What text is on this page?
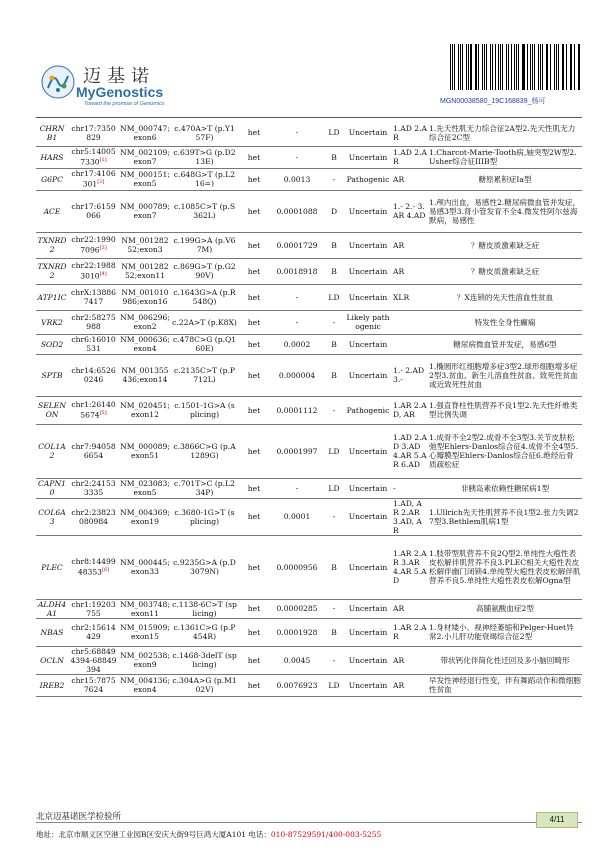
迈基诺
MyGenostics
Toward the promise of Genomics	MGN00038580_19C168839_杨可
CHRNB1	chr17:7350829	NM_000747;exon6	c.470A>T (p.Y157F)	het	-	LD	Uncertain	1.AD 2.AR	1.先天性肌无力综合征2A型2.先天性肌无力综合征2C型
HARS	chr5:140057330[1]	NM_002109;exon7	c.639T>G (p.D213E)	het	-	B	Uncertain	1.AD 2.AR	1.Charcot-Marie-Tooth病,轴突型2W型2.Usher综合征IIIB型
G6PC	chr17:4106301[2]	NM_000151;exon5	c.648G>T (p.L216=)	het	0.0013	-	Pathogenic	AR	糖原累积症Ia型
ACE	chr17:6159066	NM_000789;exon7	c.1085C>T (p.S362L)	het	0.0001088	D	Uncertain	1.- 2.- 3.AR 4.AD	1.颅内出血，易感性2.糖尿病微血管并发症，易感3型3.肾小管发育不全4.微发性阿尔兹海默病，易感性
TXNRD2	chr22:19907096[3]	NM_00128252;exon3	c.199G>A (p.V67M)	het	0.0001729	B	Uncertain	AR	？糖皮质激素缺乏症
TXNRD2	chr22:19883010[4]	NM_00128252;exon11	c.869G>T (p.G290V)	het	0.0018918	B	Uncertain	AR	？糖皮质激素缺乏症
ATP1IC	chrX:138867417	NM_001010986;exon16	c.1643G>A (p.R548Q)	het	-	LD	Uncertain	XLR	？X连锁的先天性溶血性贫血
VRK2	chr2:58275988	NM_006296;exon2	c.22A>T (p.K8X)	het	-	-	Likely pathogenic		特发性全身性癫痫
SOD2	chr6:16010531	NM_000636;exon4	c.478C>G (p.Q160E)	het	0.0002	B	Uncertain		糖尿病微血管并发症，易感6型
SPTB	chr14:65260246	NM_001355436;exon14	c.2135C>T (p.P712L)	het	0.000004	B	Uncertain	1.- 2.AD 3.-	1.椭圆形红细胞增多症3型2.球形细胞增多症2型3.贫血、新生儿溶血性贫血、致死性贫血或近致死性贫血
SELENON	chr1:261405674[5]	NM_020451;exon12	c.1501-1G>A (splicing)	het	0.0001112	-	Pathogenic	1.AR 2.AD, AR	1.强直脊柱性肌营养不良1型2.先天性纤维类型比例失调
COL1A2	chr7:940586654	NM_000089;exon51	c.3866C>G (p.A1289G)	het	0.0001997	LD	Uncertain	1.AD 2.AD 3.AD 4.AR 5.AR 6.AD	1.成骨不全2型2.成骨不全3型3.关节皮肤松弛型Ehlers-Danlos综合征4.成骨不全4型5.心瓣膜型Ehlers-Danlos综合征6.绝经后骨质疏松症
CAPN10	chr2:241533335	NM_023083;exon5	c.701T>C (p.L234P)	het	-	LD	Uncertain	-	非胰岛素依赖性糖尿病1型
COL6A3	chr2:23823080984	NM_004369;exon19	c.3680-1G>T (splicing)	het	0.0001	-	Uncertain	1.AD, AR 2.AR 3.AD, AR	1.Ullrich先天性肌营养不良1型2.张力失调27型3.Bethlem肌病1型
PLEC	chr8:1449948353[6]	NM_000445;exon33	c.9235G>A (p.D3079N)	het	0.0000956	B	Uncertain	1.AR 2.AR 3.AR 4.AR 5.AD	1.肢带型肌营养不良2Q型2.单纯性大疱性表皮松解伴肌营养不良3.PLEC相关大疱性表皮松解伴幽门闭锁4.单纯型大疱性表皮松解伴肌营养不良5.单纯性大疱性表皮松解Ogna型
ALDH4A1	chr1:19203755	NM_003748;exon11	c.1138-6C>T (splicing)	het	0.0000285	-	Uncertain	AR	高脯氨酸血症2型
NBAS	chr2:15614429	NM_015909;exon15	c.1361C>G (p.P454R)	het	0.0001928	B	Uncertain	1.AR 2.AR	1.身材矮小、视神经萎缩和Pelger-Huet异常2.小儿肝功能衰竭综合征2型
OCLN	chr5:688494394-68849394	NM_002538;exon9	c.1468-3delT (splicing)	het	0.0045	-	Uncertain	AR	带状钙化伴简化性迁回及多小脑回畸形
IREB2	chr15:78757624	NM_004136;exon4	c.304A>G (p.M102V)	het	0.0076923	LD	Uncertain	AR	早发性神经退行性变，伴有舞蹈动作和微细胞性贫血
北京迈基诺医学检验所
地址：北京市顺义区空港工业园B区安庆大街9号巨鸿大厦A101 电话：010-87529591/400-003-5255
4/11
